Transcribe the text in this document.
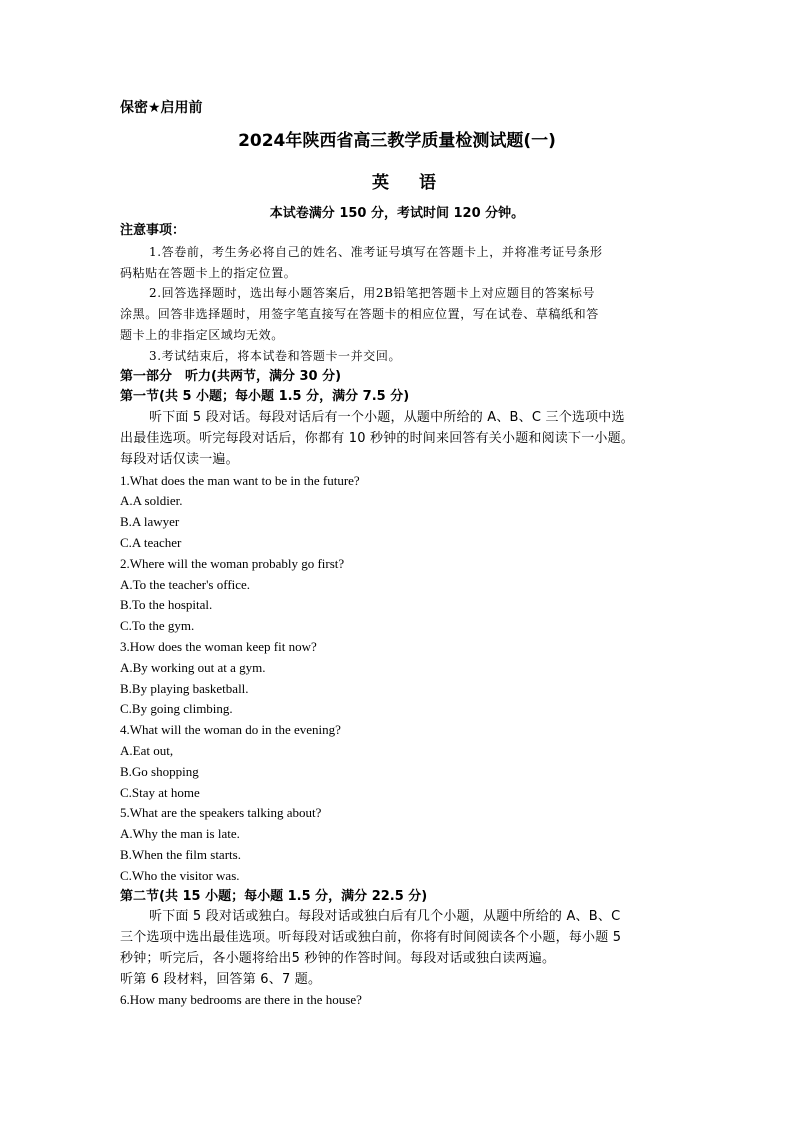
保密★启用前
2024年陕西省高三教学质量检测试题(一)
英语
本试卷满分 150 分，考试时间 120 分钟。
注意事项：
1.答卷前，考生务必将自己的姓名、准考证号填写在答题卡上，并将准考证号条形
码粘贴在答题卡上的指定位置。
2.回答选择题时，选出每小题答案后，用2B铅笔把答题卡上对应题目的答案标号
涂黑。回答非选择题时，用签字笔直接写在答题卡的相应位置，写在试卷、草稿纸和答
题卡上的非指定区域均无效。
3.考试结束后，将本试卷和答题卡一并交回。
第一部分　听力(共两节，满分 30 分)
第一节(共 5 小题；每小题 1.5 分，满分 7.5 分)
听下面 5 段对话。每段对话后有一个小题，从题中所给的 A、B、C 三个选项中选
出最佳选项。听完每段对话后，你都有 10 秒钟的时间来回答有关小题和阅读下一小题。
每段对话仅读一遍。
1.What does the man want to be in the future?
A.A soldier.
B.A lawyer
C.A teacher
2.Where will the woman probably go first?
A.To the teacher's office.
B.To the hospital.
C.To the gym.
3.How does the woman keep fit now?
A.By working out at a gym.
B.By playing basketball.
C.By going climbing.
4.What will the woman do in the evening?
A.Eat out,
B.Go shopping
C.Stay at home
5.What are the speakers talking about?
A.Why the man is late.
B.When the film starts.
C.Who the visitor was.
第二节(共 15 小题；每小题 1.5 分，满分 22.5 分)
听下面 5 段对话或独白。每段对话或独白后有几个小题，从题中所给的 A、B、C
三个选项中选出最佳选项。听每段对话或独白前，你将有时间阅读各个小题，每小题 5
秒钟；听完后，各小题将给出5 秒钟的作答时间。每段对话或独白读两遍。
听第 6 段材料，回答第 6、7 题。
6.How many bedrooms are there in the house?
